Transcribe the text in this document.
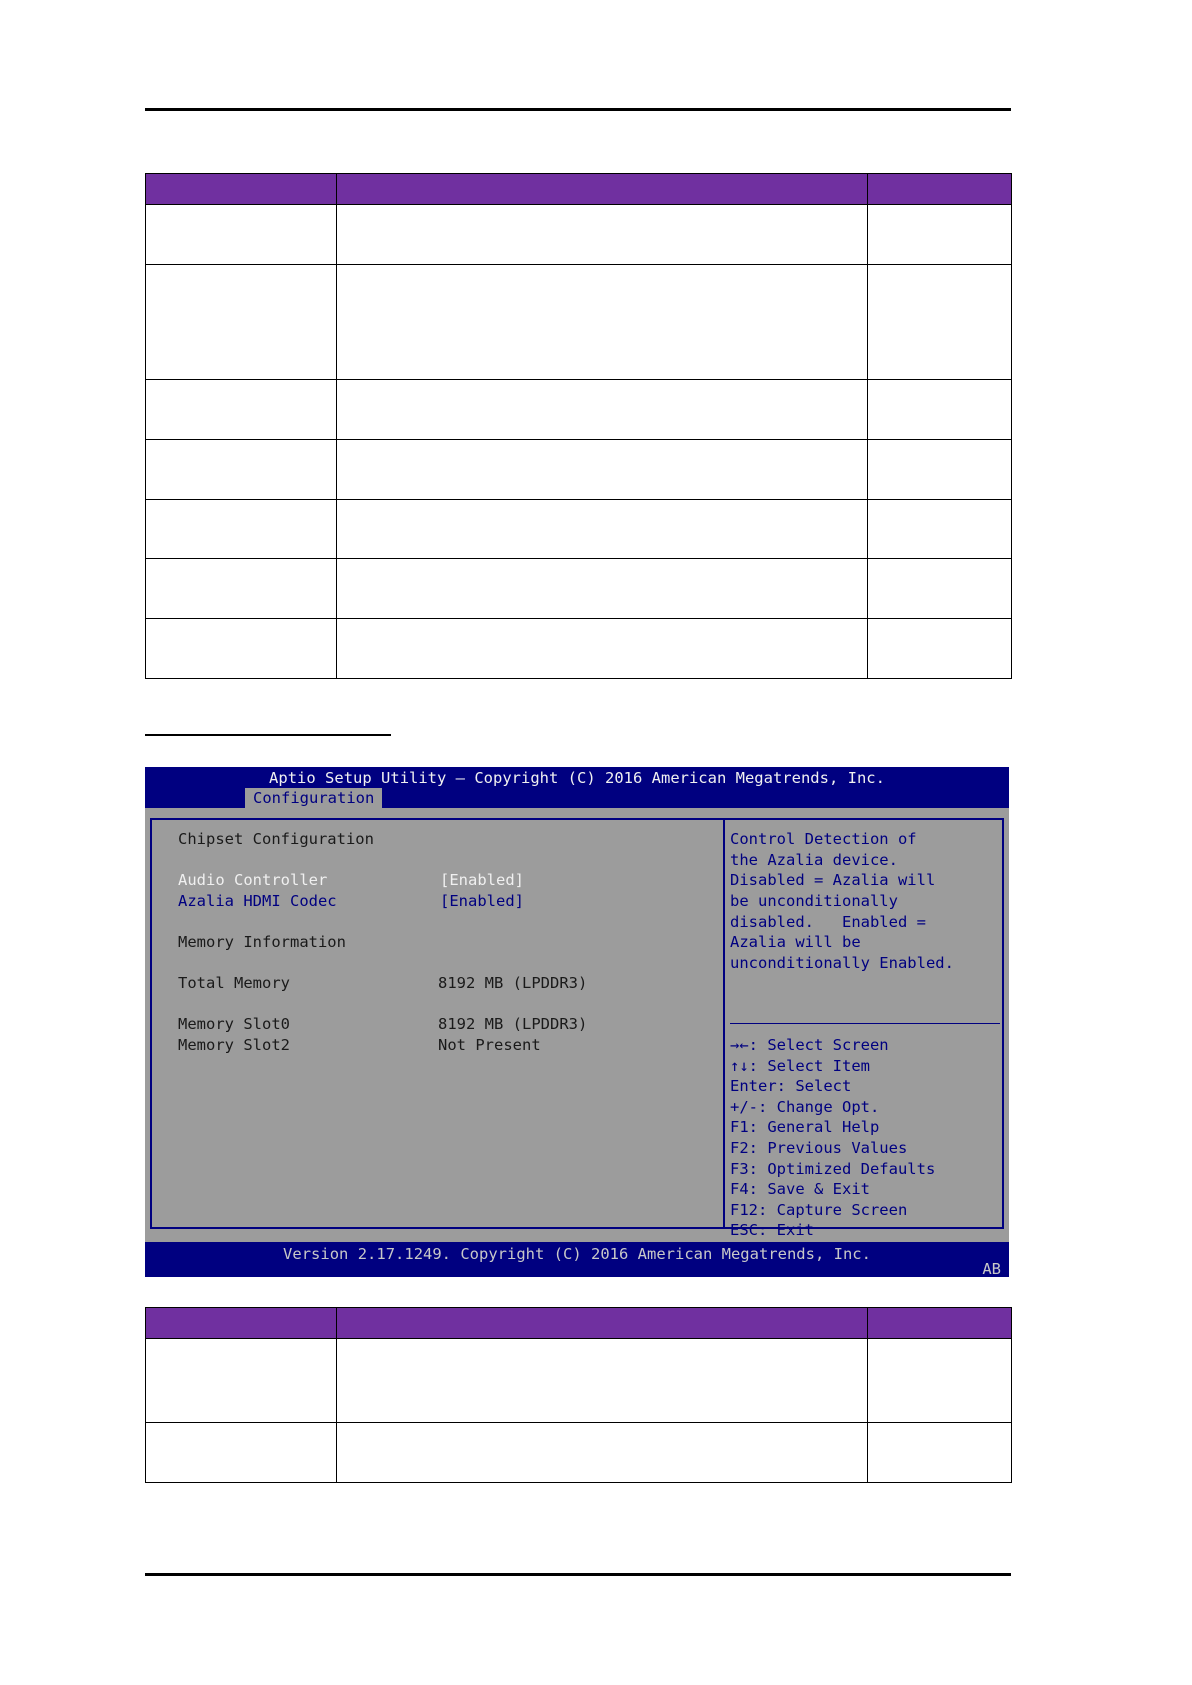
Aptio Setup Utility – Copyright (C) 2016 American Megatrends, Inc.
Configuration
Chipset Configuration
Audio Controller	[Enabled]
Azalia HDMI Codec	[Enabled]
Memory Information
Total Memory	8192 MB (LPDDR3)
Memory Slot0	8192 MB (LPDDR3)
Memory Slot2	Not Present
Control Detection of
the Azalia device.
Disabled = Azalia will
be unconditionally
disabled.   Enabled =
Azalia will be
unconditionally Enabled.
→←: Select Screen
↑↓: Select Item
Enter: Select
+/-: Change Opt.
F1: General Help
F2: Previous Values
F3: Optimized Defaults
F4: Save & Exit
F12: Capture Screen
ESC: Exit
Version 2.17.1249. Copyright (C) 2016 American Megatrends, Inc.
AB
